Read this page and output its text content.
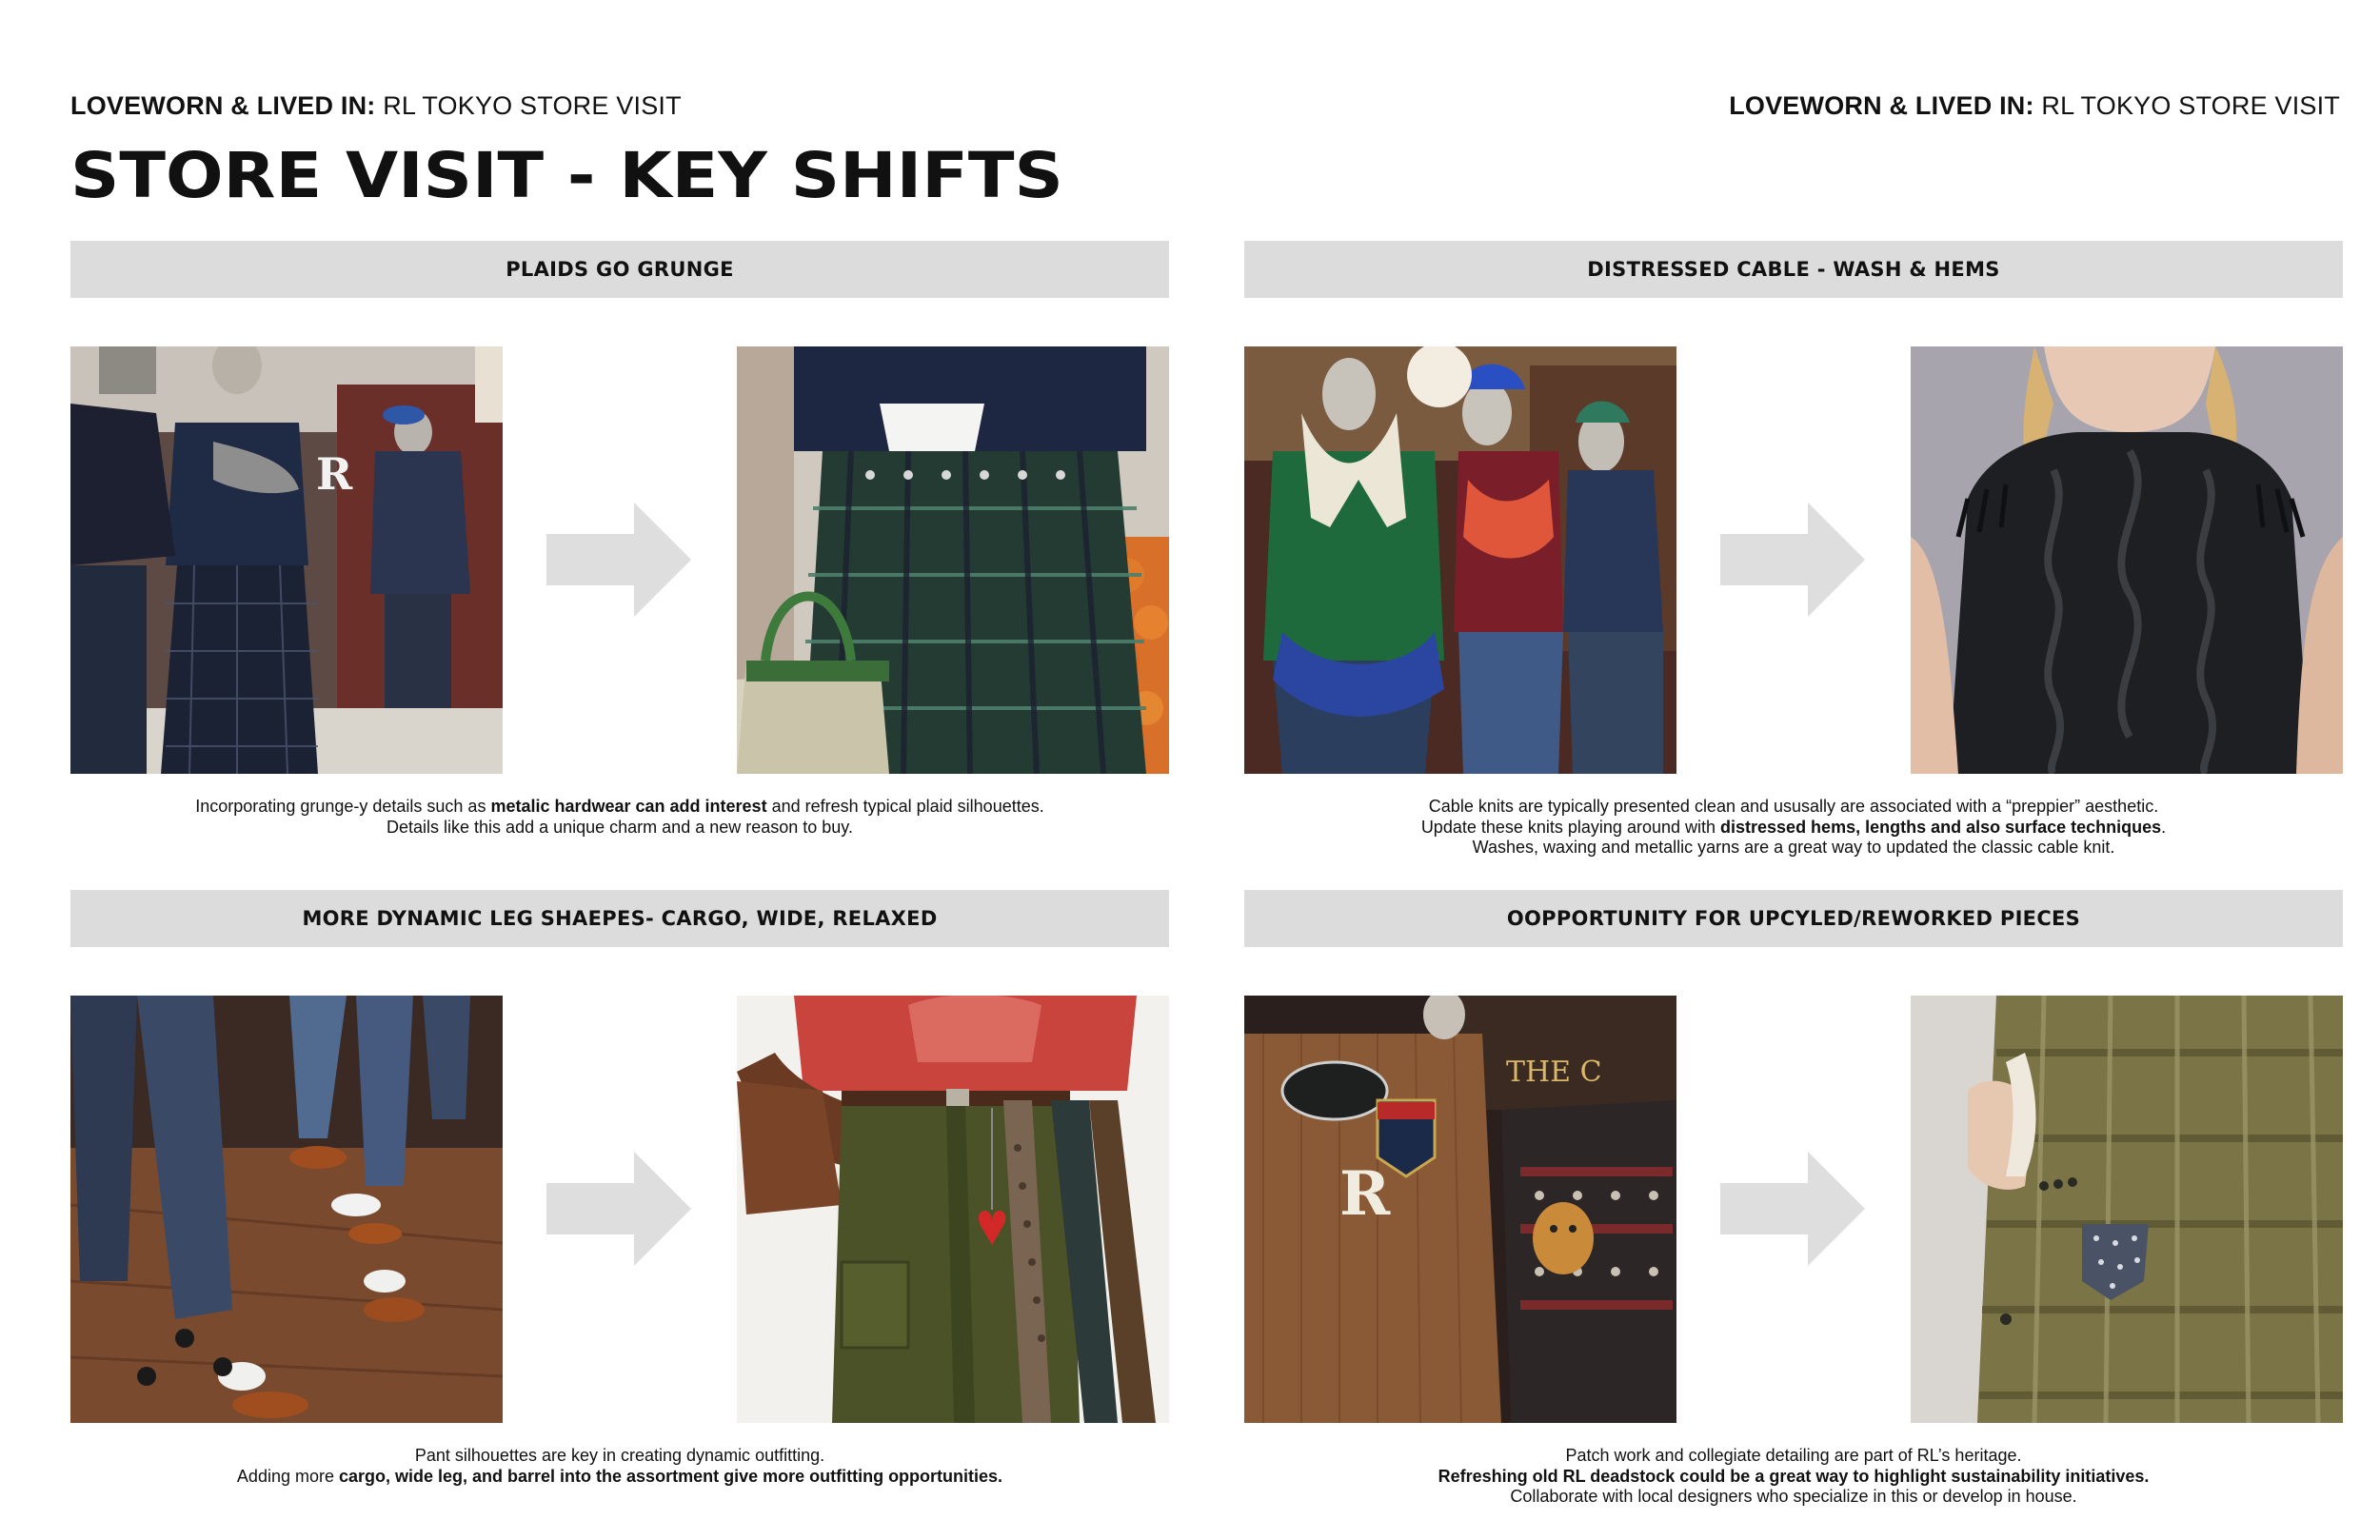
LOVEWORN & LIVED IN: RL TOKYO STORE VISIT	LOVEWORN & LIVED IN: RL TOKYO STORE VISIT
STORE VISIT - KEY SHIFTS
PLAIDS GO GRUNGE
R
Incorporating grunge-y details such as metalic hardwear can add interest and refresh typical plaid silhouettes.
Details like this add a unique charm and a new reason to buy.
DISTRESSED CABLE - WASH & HEMS
Cable knits are typically presented clean and ususally are associated with a “preppier” aesthetic.
Update these knits playing around with distressed hems, lengths and also surface techniques.
Washes, waxing and metallic yarns are a great way to updated the classic cable knit.
MORE DYNAMIC LEG SHAEPES- CARGO, WIDE, RELAXED
Pant silhouettes are key in creating dynamic outfitting.
Adding more cargo, wide leg, and barrel into the assortment give more outfitting opportunities.
OOPPORTUNITY FOR UPCYLED/REWORKED PIECES
THE C
R
Patch work and collegiate detailing are part of RL’s heritage.
Refreshing old RL deadstock could be a great way to highlight sustainability initiatives.
Collaborate with local designers who specialize in this or develop in house.
